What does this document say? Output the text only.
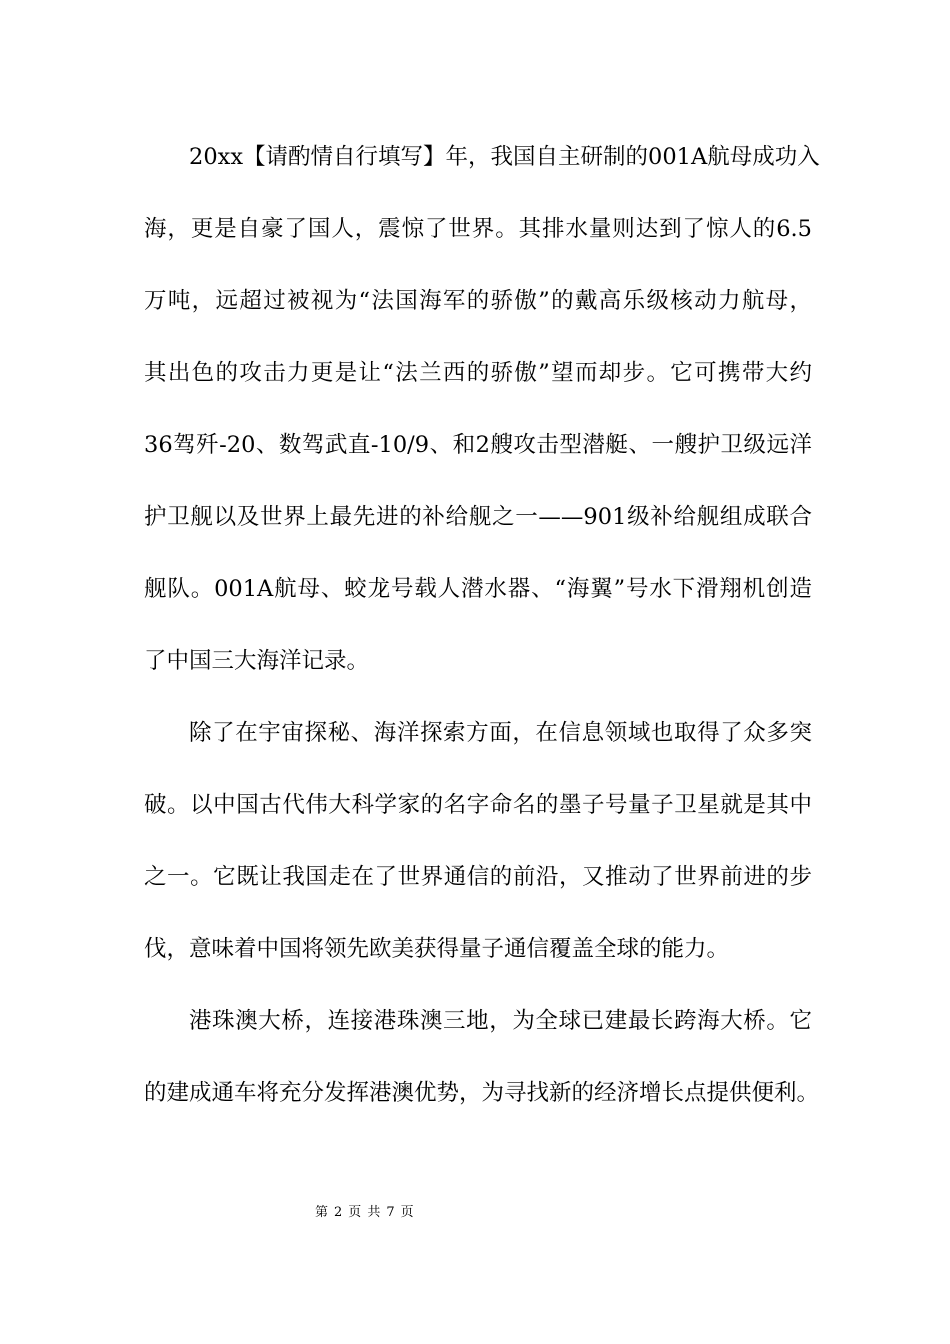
20xx【请酌情自行填写】年，我国自主研制的001A航母成功入
海，更是自豪了国人，震惊了世界。其排水量则达到了惊人的6.5
万吨，远超过被视为“法国海军的骄傲”的戴高乐级核动力航母，
其出色的攻击力更是让“法兰西的骄傲”望而却步。它可携带大约
36驾歼-20、数驾武直-10/9、和2艘攻击型潜艇、一艘护卫级远洋
护卫舰以及世界上最先进的补给舰之一——901级补给舰组成联合
舰队。001A航母、蛟龙号载人潜水器、“海翼”号水下滑翔机创造
了中国三大海洋记录。
除了在宇宙探秘、海洋探索方面，在信息领域也取得了众多突
破。以中国古代伟大科学家的名字命名的墨子号量子卫星就是其中
之一。它既让我国走在了世界通信的前沿，又推动了世界前进的步
伐，意味着中国将领先欧美获得量子通信覆盖全球的能力。
港珠澳大桥，连接港珠澳三地，为全球已建最长跨海大桥。它
的建成通车将充分发挥港澳优势，为寻找新的经济增长点提供便利。
第 2 页 共 7 页
